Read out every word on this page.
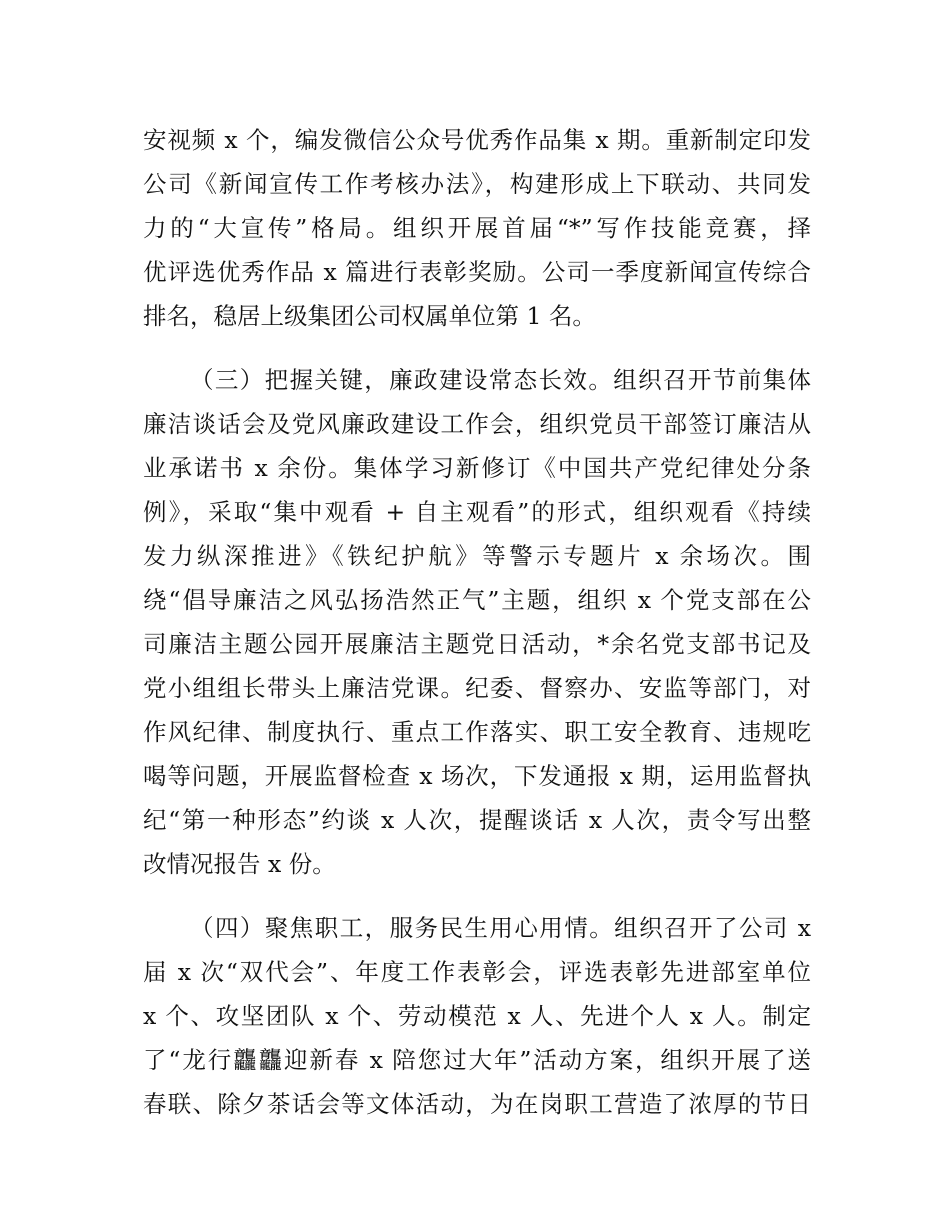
安视频 x 个，编发微信公众号优秀作品集 x 期。重新制定印发
公司《新闻宣传工作考核办法》，构建形成上下联动、共同发
力的“大宣传”格局。组织开展首届“*”写作技能竞赛，择
优评选优秀作品 x 篇进行表彰奖励。公司一季度新闻宣传综合
排名，稳居上级集团公司权属单位第 1 名。
（三）把握关键，廉政建设常态长效。组织召开节前集体
廉洁谈话会及党风廉政建设工作会，组织党员干部签订廉洁从
业承诺书 x 余份。集体学习新修订《中国共产党纪律处分条
例》，采取“集中观看 + 自主观看”的形式，组织观看《持续
发力纵深推进》《铁纪护航》等警示专题片 x 余场次。围
绕“倡导廉洁之风弘扬浩然正气”主题，组织 x 个党支部在公
司廉洁主题公园开展廉洁主题党日活动，*余名党支部书记及
党小组组长带头上廉洁党课。纪委、督察办、安监等部门，对
作风纪律、制度执行、重点工作落实、职工安全教育、违规吃
喝等问题，开展监督检查 x 场次，下发通报 x 期，运用监督执
纪“第一种形态”约谈 x 人次，提醒谈话 x 人次，责令写出整
改情况报告 x 份。
（四）聚焦职工，服务民生用心用情。组织召开了公司 x
届 x 次“双代会”、年度工作表彰会，评选表彰先进部室单位
x 个、攻坚团队 x 个、劳动模范 x 人、先进个人 x 人。制定
了“龙行龘龘迎新春 x 陪您过大年”活动方案，组织开展了送
春联、除夕茶话会等文体活动，为在岗职工营造了浓厚的节日
